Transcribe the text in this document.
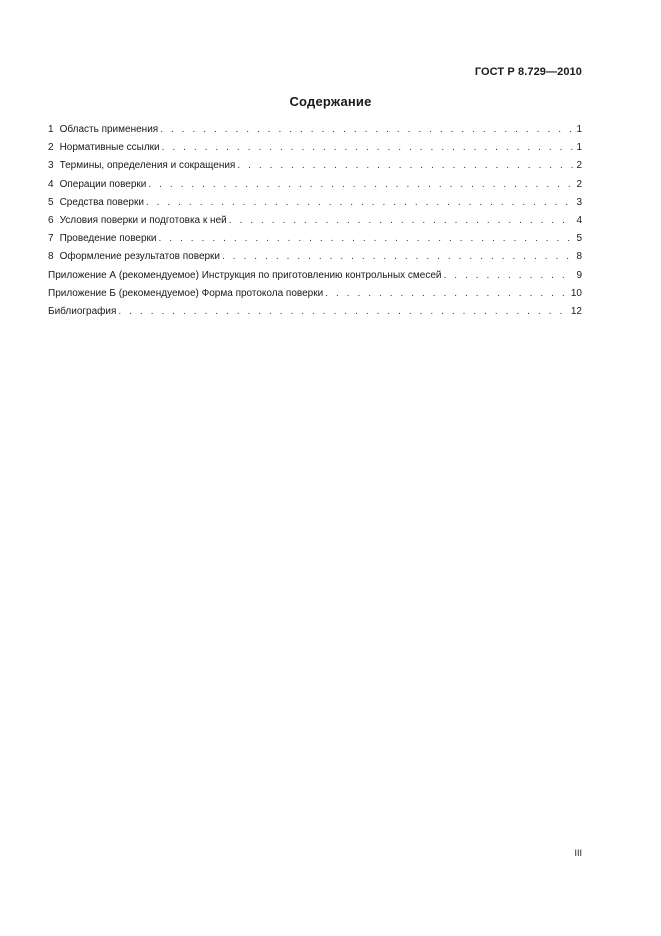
ГОСТ Р 8.729—2010
Содержание
1 Область применения . . .	1
2 Нормативные ссылки . . .	1
3 Термины, определения и сокращения . . .	2
4 Операции поверки . . .	2
5 Средства поверки . . .	3
6 Условия поверки и подготовка к ней . . .	4
7 Проведение поверки . . .	5
8 Оформление результатов поверки . . .	8
Приложение А (рекомендуемое) Инструкция по приготовлению контрольных смесей . . .	9
Приложение Б (рекомендуемое) Форма протокола поверки . . .	10
Библиография . . .	12
III
